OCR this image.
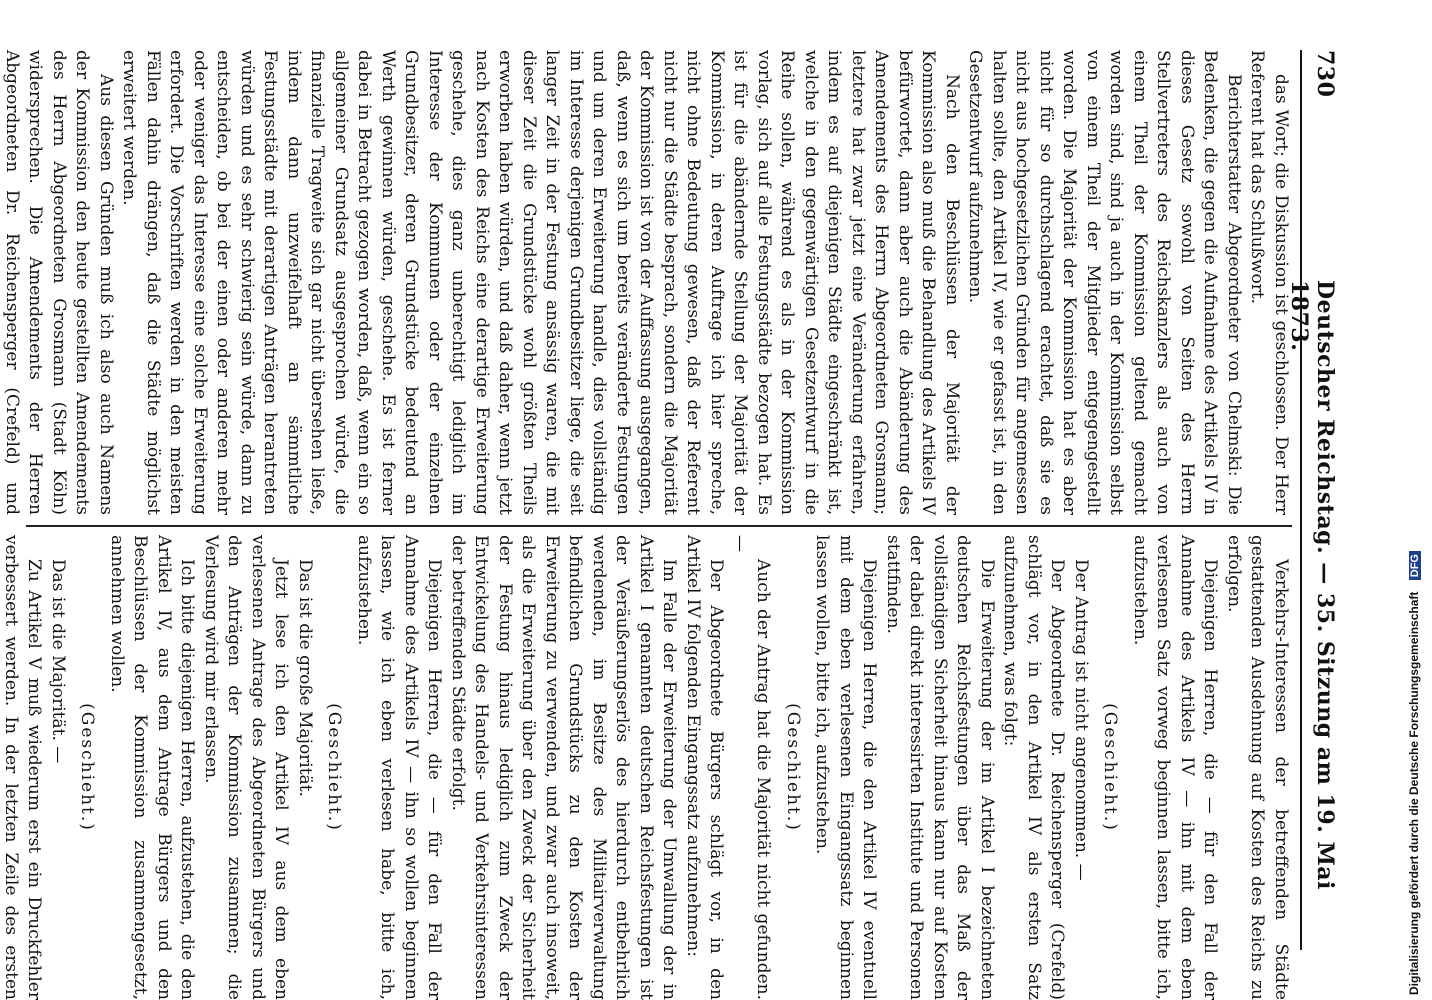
730
Deutscher Reichstag. — 35. Sitzung am 19. Mai 1873.
das Wort; die Diskussion ist geschlossen. Der Herr Referent hat das Schlußwort.
Berichterstatter Abgeordneter von Chelmski: Die Bedenken, die gegen die Aufnahme des Artikels IV in dieses Gesetz sowohl von Seiten des Herrn Stellvertreters des Reichskanzlers als auch von einem Theil der Kommission geltend gemacht worden sind, sind ja auch in der Kommission selbst von einem Theil der Mitglieder entgegengestellt worden. Die Majorität der Kommission hat es aber nicht für so durchschlagend erachtet, daß sie es nicht aus hochgesetzlichen Gründen für angemessen halten sollte, den Artikel IV, wie er gefasst ist, in den Gesetzentwurf aufzunehmen.
Nach den Beschlüssen der Majorität der Kommission also muß die Behandlung des Artikels IV befürwortet, dann aber auch die Abänderung des Amendements des Herrn Abgeordneten Grosmann; letztere hat zwar jetzt eine Veränderung erfahren, indem es auf diejenigen Städte eingeschränkt ist, welche in den gegenwärtigen Gesetzentwurf in die Reihe sollen, während es als in der Kommission vorlag, sich auf alle Festungsstädte bezogen hat. Es ist für die abändernde Stellung der Majorität der Kommission, in deren Auftrage ich hier spreche, nicht ohne Bedeutung gewesen, daß der Referent nicht nur die Städte besprach, sondern die Majorität der Kommission ist von der Auffassung ausgegangen, daß, wenn es sich um bereits veränderte Festungen und um deren Erweiterung handle, dies vollständig im Interesse derjenigen Grundbesitzer liege, die seit langer Zeit in der Festung ansässig waren, die mit dieser Zeit die Grundstücke wohl größten Theils erworben haben würden, und daß daher, wenn jetzt nach Kosten des Reichs eine derartige Erweiterung geschehe, dies ganz unberechtigt lediglich im Interesse der Kommunen oder der einzelnen Grundbesitzer, deren Grundstücke bedeutend an Werth gewinnen würden, geschehe. Es ist ferner dabei in Betracht gezogen worden, daß, wenn ein so allgemeiner Grundsatz ausgesprochen würde, die finanzielle Tragweite sich gar nicht übersehen ließe, indem dann unzweifelhaft an sämmtliche Festungsstädte mit derartigen Anträgen herantreten würden und es sehr schwierig sein würde, dann zu entscheiden, ob bei der einen oder anderen mehr oder weniger das Interesse eine solche Erweiterung erfordert. Die Vorschriften werden in den meisten Fällen dahin drängen, daß die Städte möglichst erweitert werden.
Aus diesen Gründen muß ich also auch Namens der Kommission den heute gestellten Amendements des Herrn Abgeordneten Grosmann (Stadt Köln) widersprechen. Die Amendements der Herren Abgeordneten Dr. Reichensperger (Crefeld) und
Verkehrs-Interessen der betreffenden Städte gestattenden Ausdehnung auf Kosten des Reichs zu erfolgen.
Diejenigen Herren, die — für den Fall der Annahme des Artikels IV — ihn mit dem eben verlesenen Satz vorweg beginnen lassen, bitte ich, aufzustehen.
(Geschieht.)
Der Antrag ist nicht angenommen. —
Der Abgeordnete Dr. Reichensperger (Crefeld) schlägt vor, in den Artikel IV als ersten Satz aufzunehmen, was folgt:
Die Erweiterung der im Artikel I bezeichneten deutschen Reichsfestungen über das Maß der vollständigen Sicherheit hinaus kann nur auf Kosten der dabei direkt interessirten Institute und Personen stattfinden.
Diejenigen Herren, die den Artikel IV eventuell mit dem eben verlesenen Eingangssatz beginnen lassen wollen, bitte ich, aufzustehen.
(Geschieht.)
Auch der Antrag hat die Majorität nicht gefunden. —
Der Abgeordnete Bürgers schlägt vor, in den Artikel IV folgenden Eingangssatz aufzunehmen:
Im Falle der Erweiterung der Umwallung der in Artikel I genannten deutschen Reichsfestungen ist der Veräußerungserlös des hierdurch entbehrlich werdenden, im Besitze des Militairverwaltung befindlichen Grundstücks zu den Kosten der Erweiterung zu verwenden, und zwar auch insoweit, als die Erweiterung über den Zweck der Sicherheit der Festung hinaus lediglich zum Zweck der Entwickelung des Handels- und Verkehrsinteressen der betreffenden Städte erfolgt.
Diejenigen Herren, die — für den Fall der Annahme des Artikels IV — ihn so wollen beginnen lassen, wie ich eben verlesen habe, bitte ich, aufzustehen.
(Geschieht.)
Das ist die große Majorität.
Jetzt lese ich den Artikel IV aus dem eben verlesenen Antrage des Abgeordneten Bürgers und den Anträgen der Kommission zusammen; die Verlesung wird mir erlassen.
Ich bitte diejenigen Herren, aufzustehen, die den Artikel IV, aus dem Antrage Bürgers und den Beschlüssen der Kommission zusammengesetzt, annehmen wollen.
(Geschieht.)
Das ist die Majorität. —
Zu Artikel V muß wiederum erst ein Druckfehler verbessert werden. In der letzten Zeile des ersten	Digitalisierung gefördert durch die Deutsche Forschungsgemeinschaft DFG
